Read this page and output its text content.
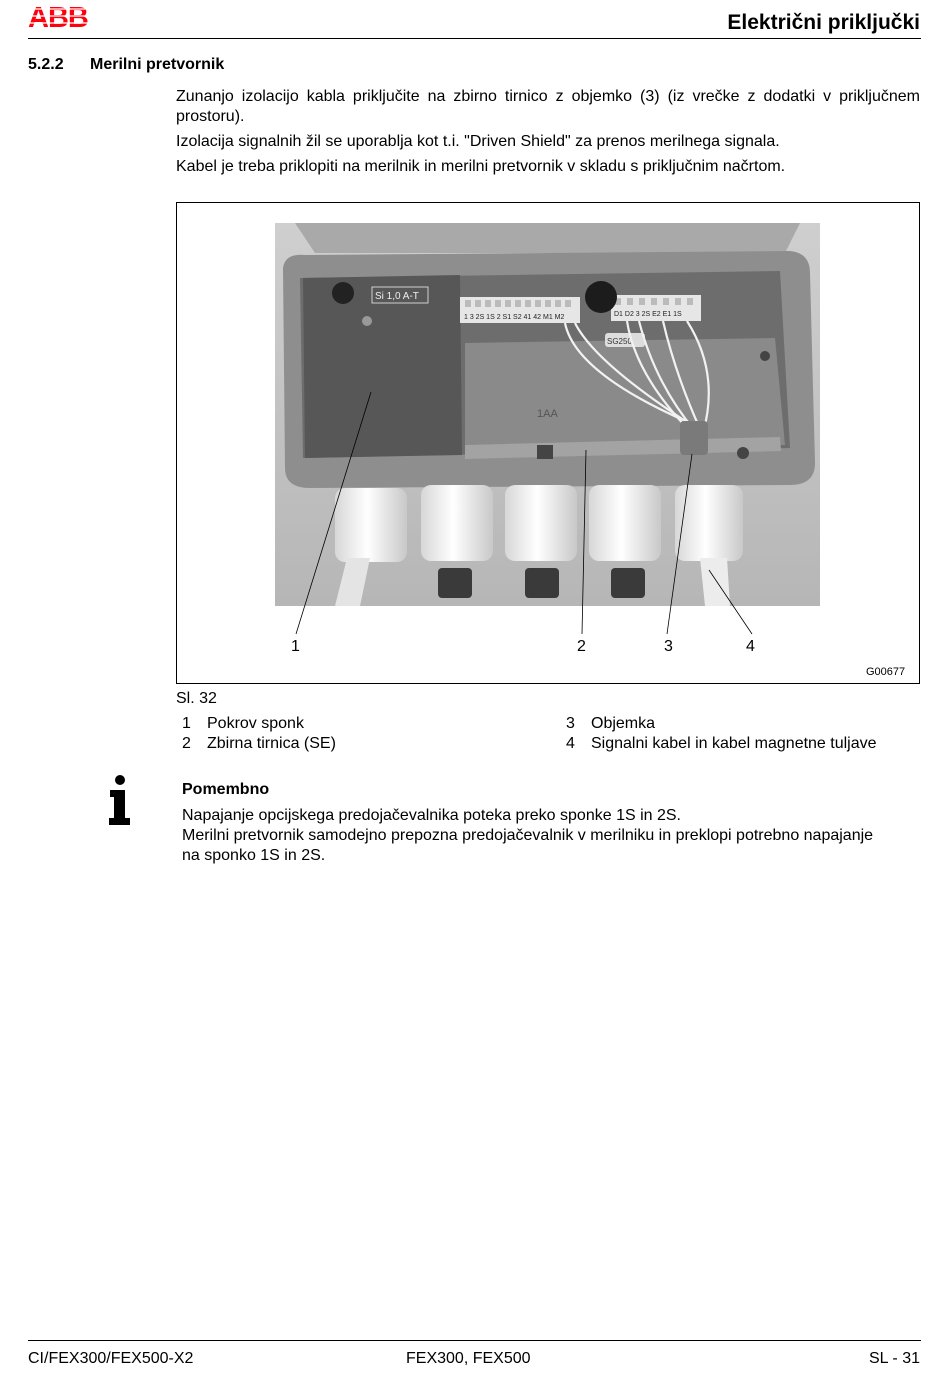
ABB	Električni priključki
5.2.2 Merilni pretvornik
Zunanjo izolacijo kabla priključite na zbirno tirnico z objemko (3) (iz vrečke z dodatki v priključnem prostoru).
Izolacija signalnih žil se uporablja kot t.i. "Driven Shield" za prenos merilnega signala.
Kabel je treba priklopiti na merilnik in merilni pretvornik v skladu s priključnim načrtom.
Si 1,0 A-T
1 3 2S 1S 2 S1 S2 41 42 M1 M2	D1 D2 3 2S E2 E1 1S
SG250
1AA
1	2	3	4
G00677
Sl. 32
1 Pokrov sponk
2 Zbirna tirnica (SE)
3 Objemka
4 Signalni kabel in kabel magnetne tuljave
Pomembno
Napajanje opcijskega predojačevalnika poteka preko sponke 1S in 2S.
Merilni pretvornik samodejno prepozna predojačevalnik v merilniku in preklopi potrebno napajanje na sponko 1S in 2S.
CI/FEX300/FEX500-X2	FEX300, FEX500	SL - 31
